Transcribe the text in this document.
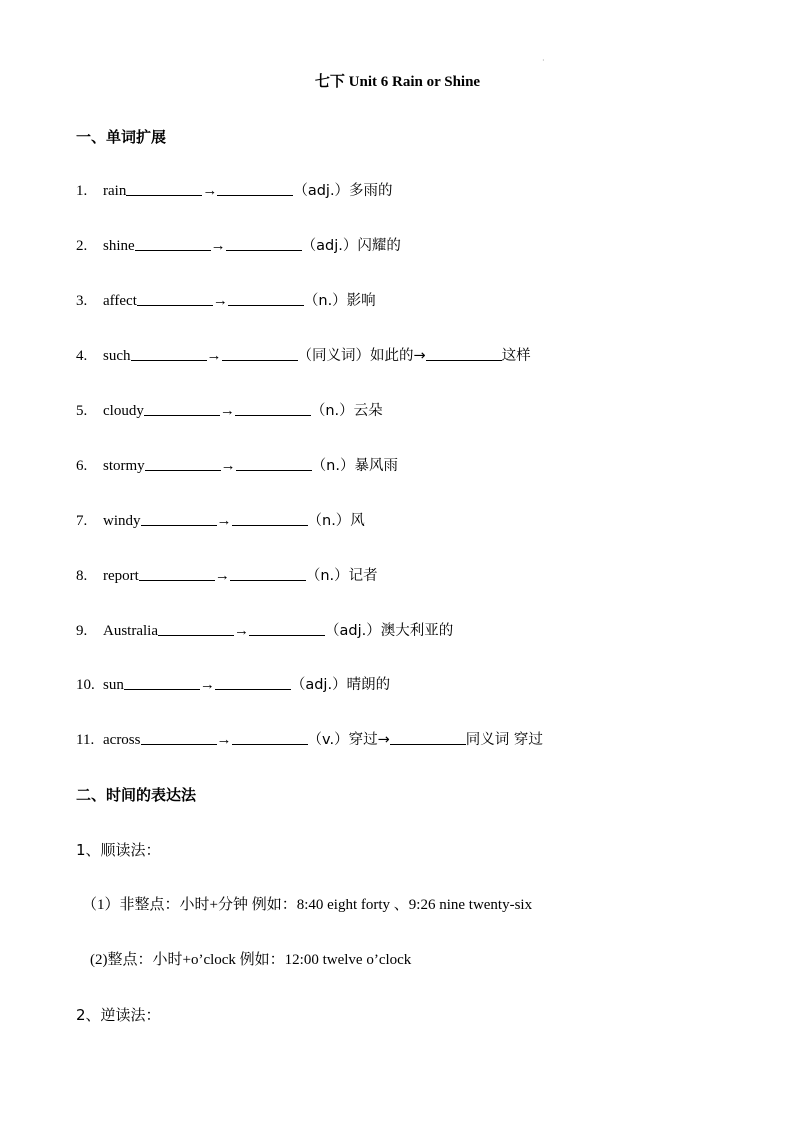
·
七下 Unit 6 Rain or Shine
一、单词扩展
1. rain	→	（adj.）多雨的
2. shine	→	（adj.）闪耀的
3. affect	→	（n.）影响
4. such	→	（同义词）如此的→	这样
5. cloudy	→	（n.）云朵
6. stormy	→	（n.）暴风雨
7. windy	→	（n.）风
8. report	→	（n.）记者
9. Australia	→	（adj.）澳大利亚的
10. sun	→	（adj.）晴朗的
11. across	→	（v.）穿过→	同义词 穿过
二、时间的表达法
1、顺读法：
（1）非整点：小时+分钟 例如：8:40 eight forty 、9:26 nine twenty-six
(2)整点：小时+o’clock 例如：12:00 twelve o’clock
2、逆读法：
